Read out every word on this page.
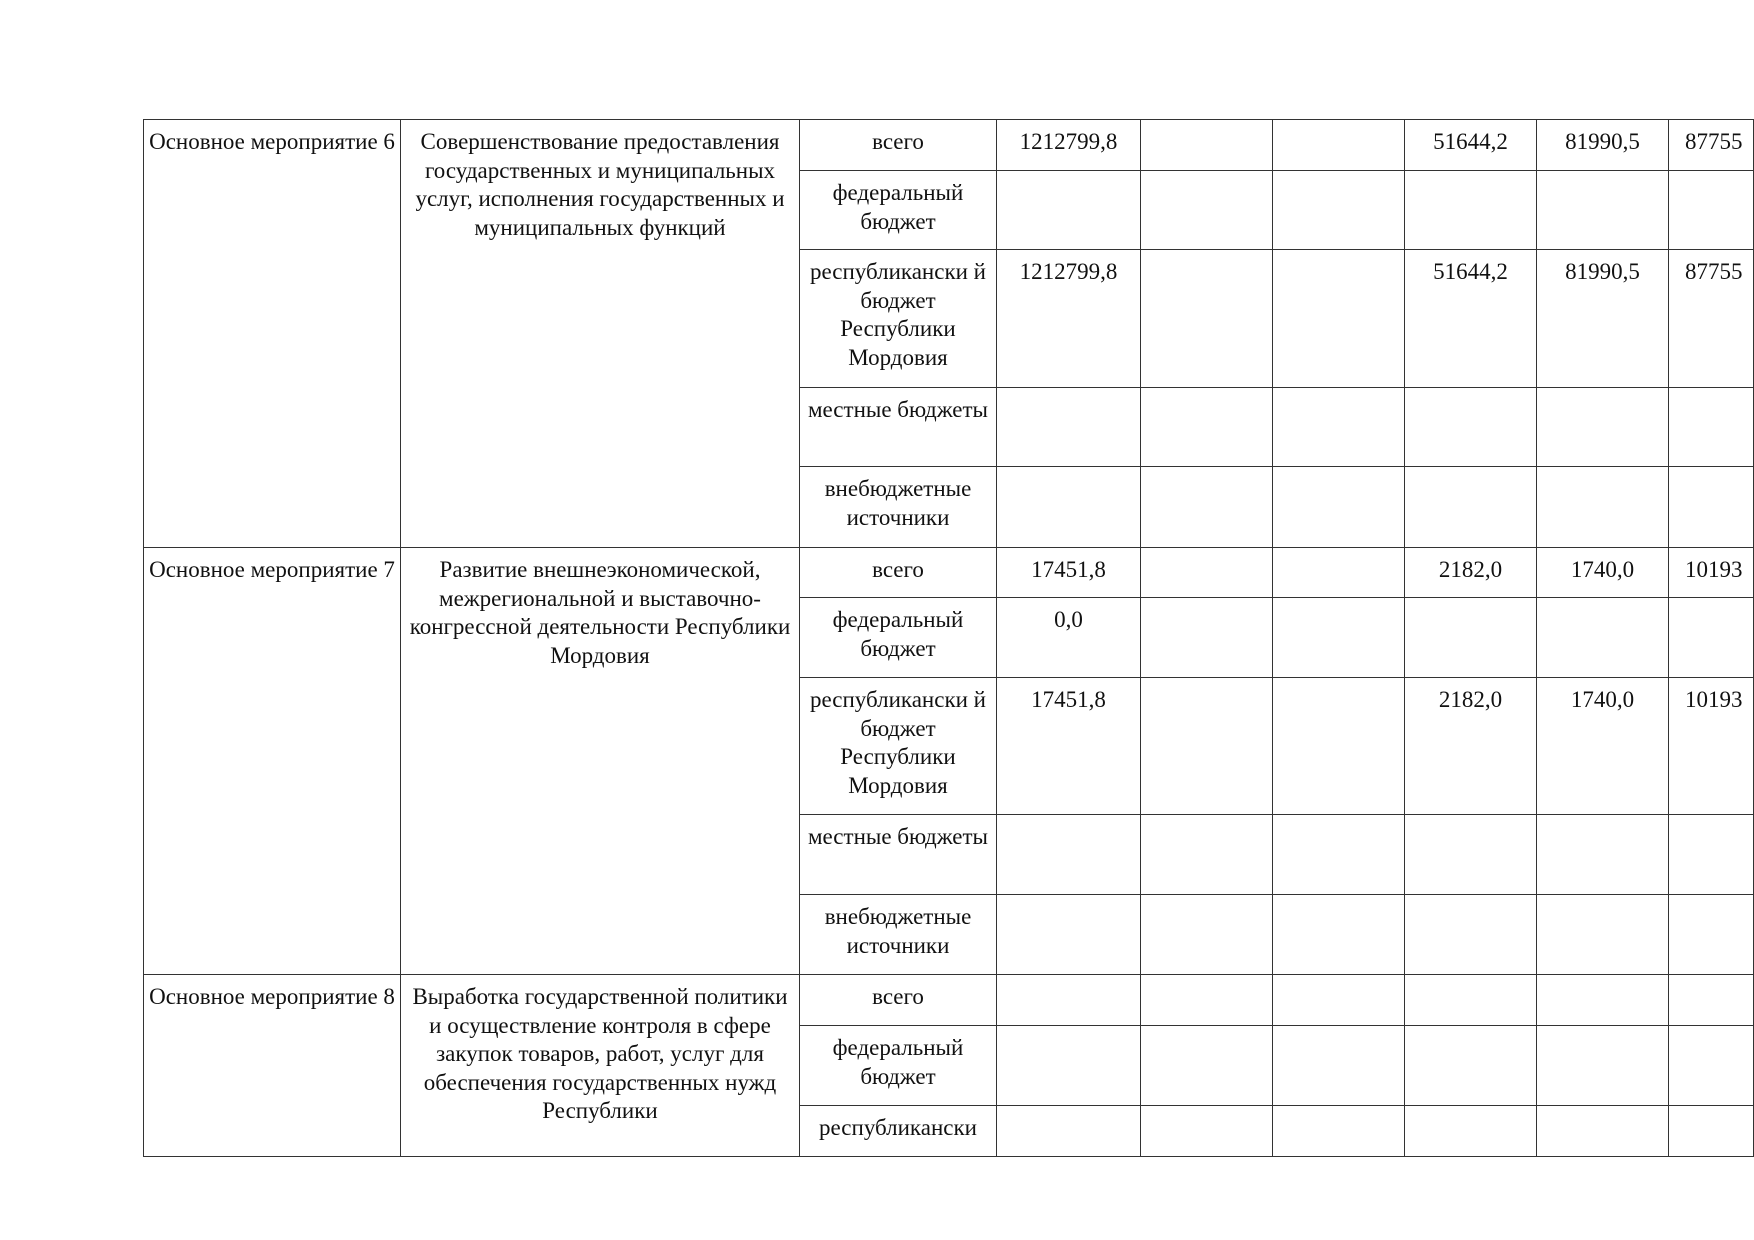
Основное мероприятие 6	Совершенствование предоставления государственных и муниципальных услуг, исполнения государственных и муниципальных функций	всего	1212799,8			51644,2	81990,5	87755
		федеральный бюджет						
		республикански й бюджет Республики Мордовия	1212799,8			51644,2	81990,5	87755
		местные бюджеты						
		внебюджетные источники						
Основное мероприятие 7	Развитие внешнеэкономической, межрегиональной и выставочно-конгрессной деятельности Республики Мордовия	всего	17451,8			2182,0	1740,0	10193
		федеральный бюджет	0,0					
		республикански й бюджет Республики Мордовия	17451,8			2182,0	1740,0	10193
		местные бюджеты						
		внебюджетные источники						
Основное мероприятие 8	Выработка государственной политики и осуществление контроля в сфере закупок товаров, работ, услуг для обеспечения государственных нужд Республики	всего						
		федеральный бюджет						
		республикански						
